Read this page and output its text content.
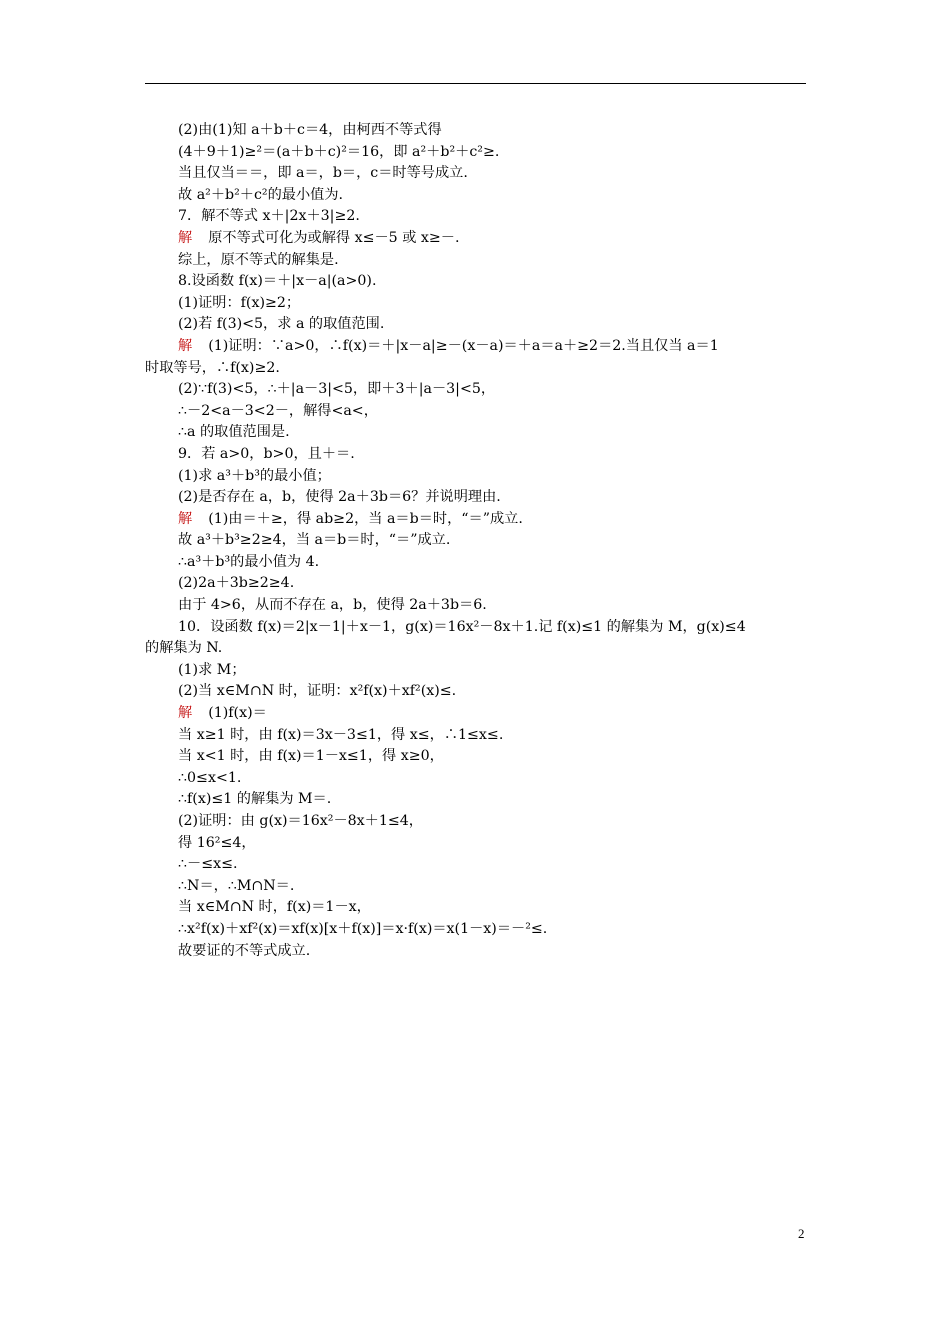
(2)由(1)知 a＋b＋c＝4，由柯西不等式得
(4＋9＋1)≥²＝(a＋b＋c)²＝16，即 a²＋b²＋c²≥.
当且仅当＝＝，即 a＝，b＝，c＝时等号成立.
故 a²＋b²＋c²的最小值为.
7．解不等式 x＋|2x＋3|≥2.
解 原不等式可化为或解得 x≤－5 或 x≥－.
综上，原不等式的解集是.
8.设函数 f(x)＝＋|x－a|(a>0).
(1)证明：f(x)≥2；
(2)若 f(3)<5，求 a 的取值范围.
解 (1)证明：∵a>0，∴f(x)＝＋|x－a|≥－(x－a)＝＋a＝a＋≥2＝2.当且仅当 a＝1
时取等号，∴f(x)≥2.
(2)∵f(3)<5，∴＋|a－3|<5，即＋3＋|a－3|<5，
∴－2<a－3<2－，解得<a<，
∴a 的取值范围是.
9．若 a>0，b>0，且＋＝.
(1)求 a³＋b³的最小值；
(2)是否存在 a，b，使得 2a＋3b＝6？并说明理由.
解 (1)由＝＋≥，得 ab≥2，当 a＝b＝时，“＝”成立.
故 a³＋b³≥2≥4，当 a＝b＝时，“＝”成立.
∴a³＋b³的最小值为 4.
(2)2a＋3b≥2≥4.
由于 4>6，从而不存在 a，b，使得 2a＋3b＝6.
10．设函数 f(x)＝2|x－1|＋x－1，g(x)＝16x²－8x＋1.记 f(x)≤1 的解集为 M，g(x)≤4
的解集为 N.
(1)求 M；
(2)当 x∈M∩N 时，证明：x²f(x)＋xf²(x)≤.
解 (1)f(x)＝
当 x≥1 时，由 f(x)＝3x－3≤1，得 x≤，∴1≤x≤.
当 x<1 时，由 f(x)＝1－x≤1，得 x≥0，
∴0≤x<1.
∴f(x)≤1 的解集为 M＝.
(2)证明：由 g(x)＝16x²－8x＋1≤4，
得 16²≤4，
∴－≤x≤.
∴N＝，∴M∩N＝.
当 x∈M∩N 时，f(x)＝1－x，
∴x²f(x)＋xf²(x)＝xf(x)[x＋f(x)]＝x·f(x)＝x(1－x)＝－²≤.
故要证的不等式成立.
2
